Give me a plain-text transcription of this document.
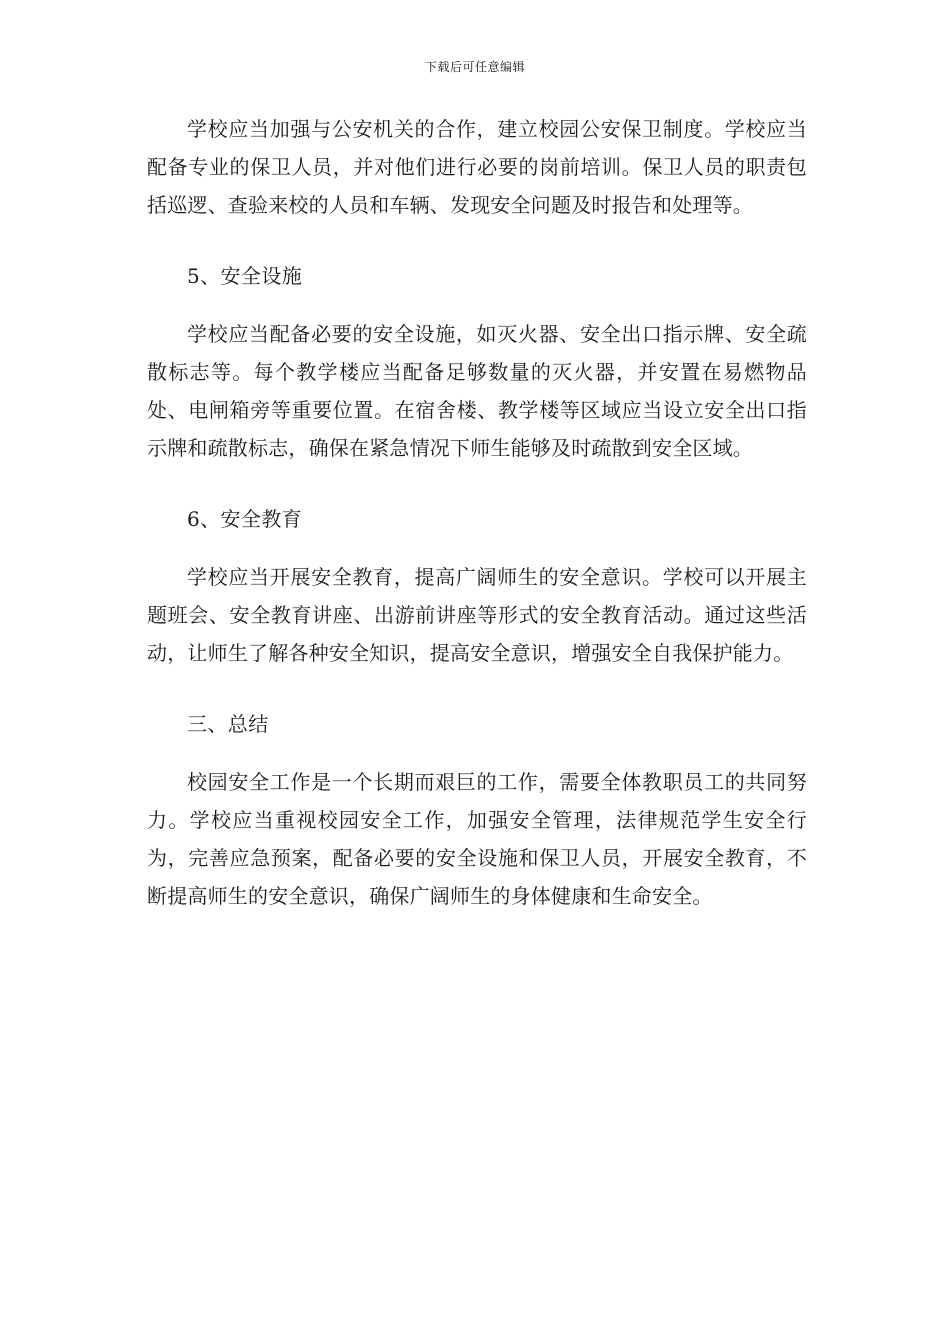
下载后可任意编辑

学校应当加强与公安机关的合作，建立校园公安保卫制度。学校应当配备专业的保卫人员，并对他们进行必要的岗前培训。保卫人员的职责包括巡逻、查验来校的人员和车辆、发现安全问题及时报告和处理等。

5、安全设施

学校应当配备必要的安全设施，如灭火器、安全出口指示牌、安全疏散标志等。每个教学楼应当配备足够数量的灭火器，并安置在易燃物品处、电闸箱旁等重要位置。在宿舍楼、教学楼等区域应当设立安全出口指示牌和疏散标志，确保在紧急情况下师生能够及时疏散到安全区域。

6、安全教育

学校应当开展安全教育，提高广阔师生的安全意识。学校可以开展主题班会、安全教育讲座、出游前讲座等形式的安全教育活动。通过这些活动，让师生了解各种安全知识，提高安全意识，增强安全自我保护能力。

三、总结

校园安全工作是一个长期而艰巨的工作，需要全体教职员工的共同努力。学校应当重视校园安全工作，加强安全管理，法律规范学生安全行为，完善应急预案，配备必要的安全设施和保卫人员，开展安全教育，不断提高师生的安全意识，确保广阔师生的身体健康和生命安全。
